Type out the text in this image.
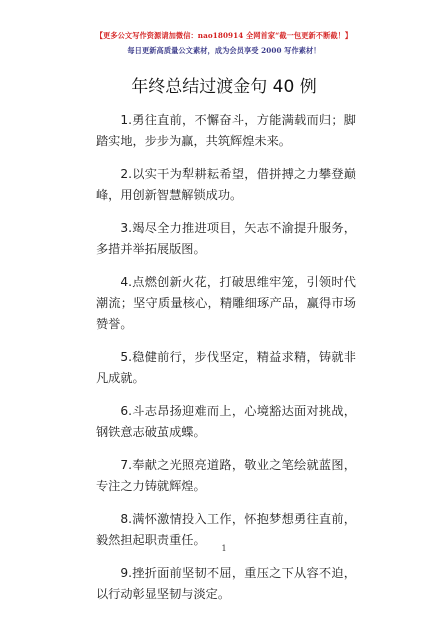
【更多公文写作资源请加微信：nao180914 全网首家“截一包更新不断截！】
每日更新高质量公文素材，成为会员享受 2000 写作素材！
年终总结过渡金句 40 例

1.勇往直前，不懈奋斗，方能满载而归；脚踏实地，步步为赢，共筑辉煌未来。

2.以实干为犁耕耘希望，借拼搏之力攀登巅峰，用创新智慧解锁成功。

3.竭尽全力推进项目，矢志不渝提升服务，多措并举拓展版图。

4.点燃创新火花，打破思维牢笼，引领时代潮流；坚守质量核心，精雕细琢产品，赢得市场赞誉。

5.稳健前行，步伐坚定，精益求精，铸就非凡成就。

6.斗志昂扬迎难而上，心境豁达面对挑战，钢铁意志破茧成蝶。

7.奉献之光照亮道路，敬业之笔绘就蓝图，专注之力铸就辉煌。

8.满怀激情投入工作，怀抱梦想勇往直前，毅然担起职责重任。

9.挫折面前坚韧不屈，重压之下从容不迫，以行动彰显坚韧与淡定。

1
